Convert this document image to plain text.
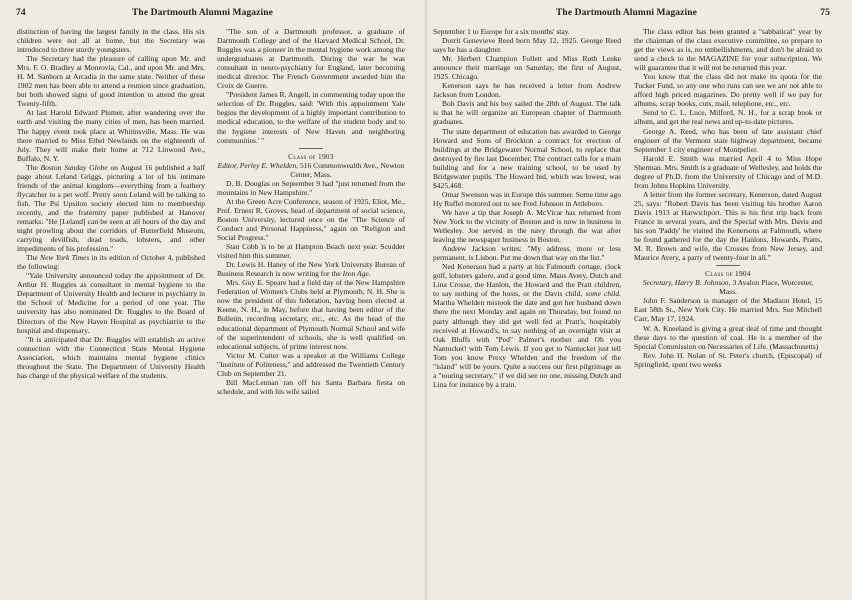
74	The Dartmouth Alumni Magazine

distinction of having the largest family in the class. His six children were not all at home, but the Secretary was introduced to three sturdy youngsters.

The Secretary had the pleasure of calling upon Mr. and Mrs. F. O. Bradley at Monrovia, Cal., and upon Mr. and Mrs. H. M. Sanborn at Arcadia in the same state. Neither of these 1902 men has been able to attend a reunion since graduation, but both showed signs of good intention to attend the great Twenty-fifth.

At last Harold Edward Plumer, after wandering over the earth and visiting the many cities of men, has been married. The happy event took place at Whitinsville, Mass. He was there married to Miss Ethel Newlands on the eighteenth of July. They will make their home at 712 Linwood Ave., Buffalo, N. Y.

The Boston Sunday Globe on August 16 published a half page about Leland Griggs, picturing a lot of his intimate friends of the animal kingdom—everything from a feathery flycatcher to a pet wolf. Pretty soon Leland will be talking to fish. The Psi Upsilon society elected him to membership recently, and the fraternity paper published at Hanover remarks: "He [Leland] can be seen at all hours of the day and night prowling about the corridors of Butterfield Museum, carrying devilfish, dead toads, lobsters, and other impediments of his profession."

The New York Times in its edition of October 4, published the following:

"Yale University announced today the appointment of Dr. Arthur H. Ruggles as consultant in mental hygiene to the Department of University Health and lecturer in psychiatry in the School of Medicine for a period of one year. The university has also nominated Dr. Ruggles to the Board of Directors of the New Haven Hospital as psychiatrist to the hospital and dispensary.

"It is anticipated that Dr. Ruggles will establish an active connection with the Connecticut State Mental Hygiene Association, which maintains mental hygiene clinics throughout the State. The Department of University Health has charge of the physical welfare of the students.

"The son of a Dartmouth professor, a graduate of Dartmouth College and of the Harvard Medical School, Dr. Ruggles was a pioneer in the mental hygiene work among the undergraduates at Dartmouth. During the war he was consultant in neuro-psychiatry for England, later becoming medical director. The French Government awarded him the Croix de Guerre.

"President James R. Angell, in commenting today upon the selection of Dr. Ruggles, said: 'With this appointment Yale begins the development of a highly important contribution to medical education, to the welfare of the student body and to the hygiene interests of New Haven and neighboring communities.' "

Class of 1903

Editor, Perley E. Whelden, 516 Commonwealth Ave., Newton Center, Mass.

D. B. Douglas on September 9 had "just returned from the mountains in New Hampshire."

At the Green Acre Conference, season of 1925, Eliot, Me., Prof. Ernest R. Groves, head of department of social science, Boston University, lectured once on the "The Science of Conduct and Personal Happiness," again on "Religion and Social Progress."

Stan Cobb is to be at Hampton Beach next year. Scudder visited him this summer.

Dr. Lewis H. Haney of the New York University Bureau of Business Research is now writing for the Iron Age.

Mrs. Guy E. Speare had a field day of the New Hampshire Federation of Women's Clubs held at Plymouth, N. H. She is now the president of this federation, having been elected at Keene, N. H., in May, before that having been editor of the Bulletin, recording secretary, etc., etc. As the head of the educational department of Plymouth Normal School and wife of the superintendent of schools, she is well qualified on educational subjects, of prime interest now.

Victor M. Cutter was a speaker at the Williams College "Institute of Politeness," and addressed the Twentieth Century Club on September 21.

Bill MacLennan ran off his Santa Barbara fiesta on schedule, and with his wife sailed

The Dartmouth Alumni Magazine	75

September 1 to Europe for a six months' stay.

Dorrit Genevieve Reed born May 12, 1925. George Reed says he has a daughter.

Mr. Herbert Champion Follett and Miss Ruth Lenke announce their marriage on Saturday, the first of August, 1925. Chicago.

Kenerson says he has received a letter from Andrew Jackson from London.

Bob Davis and his boy sailed the 28th of August. The talk is that he will organize an European chapter of Dartmouth graduates.

The state department of education has awarded to George Howard and Sons of Brockton a contract for erection of buildings at the Bridgewater Normal School, to replace that destroyed by fire last December. The contract calls for a main building and for a new training school, to be used by Bridgewater pupils. The Howard bid, which was lowest, was $425,468.

Omar Swenson was in Europe this summer. Some time ago Hy Ruffel motored out to see Fred Johnson in Attleboro.

We have a tip that Joseph A. McVicar has returned from New York to the vicinity of Boston and is now in business in Wellesley. Joe served in the navy through the war after leaving the newspaper business in Boston.

Andrew Jackson writes: "My address, more or less permanent, is Lisbon. Put me down that way on the list."

Ned Kenerson had a party at his Falmouth cottage, clock golf, lobsters galore, and a good time. Maus Avery, Dutch and Lina Crosse, the Hanlon, the Howard and the Pratt children, to say nothing of the hosts, or the Davis child, some child. Martha Whelden mistook the date and got her husband down there the next Monday and again on Thursday, but found no party although they did get well fed at Pratt's, hospitably received at Howard's, to say nothing of an overnight visit at Oak Bluffs with "Ped" Palmer's mother and Oh you Nantucket! with Tom Lewis. If you get to Nantucket just tell Tom you know Prexy Whelden and the freedom of the "island" will be yours. Quite a success our first pilgrimage as a "touring secretary," if we did see no one, missing Dutch and Lina for instance by a train.

The class editor has been granted a "sabbatical" year by the chairman of the class executive committee, so prepare to get the views as is, no embellishments, and don't be afraid to send a check to the MAGAZINE for your subscription. We will guarantee that it will not be returned this year.

You know that the class did not make its quota for the Tucker Fund, so any one who runs can see we are not able to afford high priced magazines. Do pretty well if we pay for albums, scrap books, cuts, mail, telephone, etc., etc.

Send to C. L. Luce, Milford, N. H., for a scrap book or album, and get the real news and up-to-date pictures.

George A. Reed, who has been of late assistant chief engineer of the Vermont state highway department, became September 1 city engineer of Montpelier.

Harold E. Smith was married April 4 to Miss Hope Sherman. Mrs. Smith is a graduate of Wellesley, and holds the degree of Ph.D. from the University of Chicago and of M.D. from Johns Hopkins University.

A letter from the former secretary, Kenerson, dated August 25, says: "Robert Davis has been visiting his brother Aaron Davis 1913 at Harwichport. This is his first trip back from France in several years, and the Special with Mrs. Davis and his son 'Paddy' he visited the Kenersons at Falmouth, where he found gathered for the day the Hanlons, Howards, Pratts, M. R. Brown and wife, the Crosses from New Jersey, and Maurice Avery, a party of twenty-four in all."

Class of 1904

Secretary, Harry B. Johnson, 3 Avalon Place, Worcester, Mass.

John F. Sanderson is manager of the Madison Hotel, 15 East 58th St., New York City. He married Mrs. Sue Mitchell Carr, May 17, 1924.

W. A. Kneeland is giving a great deal of time and thought these days to the question of coal. He is a member of the Special Commission on Necessaries of Life. (Massachusetts)

Rev. John H. Nolan of St. Peter's church, (Episcopal) of Springfield, spent two weeks
